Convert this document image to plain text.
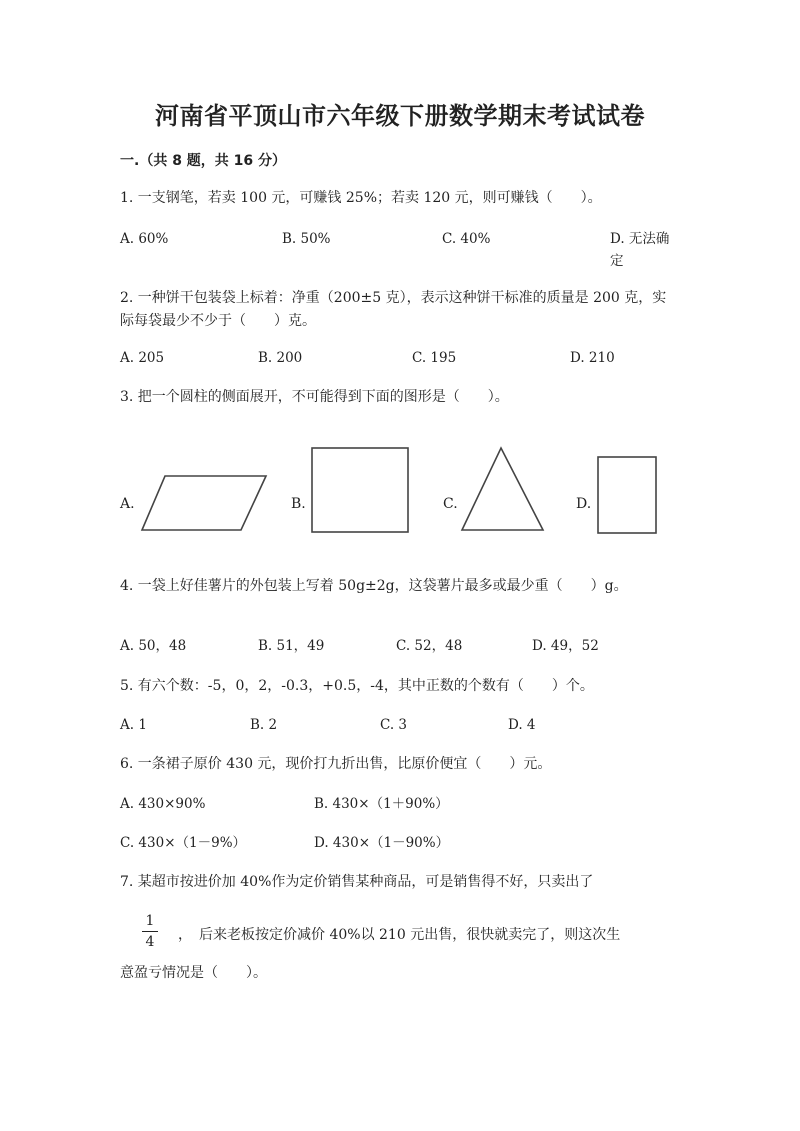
河南省平顶山市六年级下册数学期末考试试卷
一.（共 8 题，共 16 分）
1. 一支钢笔，若卖 100 元，可赚钱 25%；若卖 120 元，则可赚钱（　　）。
A. 60%	B. 50%	C. 40%	D. 无法确定
2. 一种饼干包装袋上标着：净重（200±5 克），表示这种饼干标准的质量是 200 克，实际每袋最少不少于（　　）克。
A. 205	B. 200	C. 195	D. 210
3. 把一个圆柱的侧面展开，不可能得到下面的图形是（　　）。
A.	B.	C.	D.
4. 一袋上好佳薯片的外包装上写着 50g±2g，这袋薯片最多或最少重（　　）g。
A. 50，48	B. 51，49	C. 52，48	D. 49，52
5. 有六个数：-5，0，2，-0.3，+0.5，-4，其中正数的个数有（　　）个。
A. 1	B. 2	C. 3	D. 4
6. 一条裙子原价 430 元，现价打九折出售，比原价便宜（　　）元。
A. 430×90%	B. 430×（1＋90%）
C. 430×（1－9%）	D. 430×（1－90%）
7. 某超市按进价加 40%作为定价销售某种商品，可是销售得不好，只卖出了
1
4 ，　后来老板按定价减价 40%以 210 元出售，很快就卖完了，则这次生
意盈亏情况是（　　）。
